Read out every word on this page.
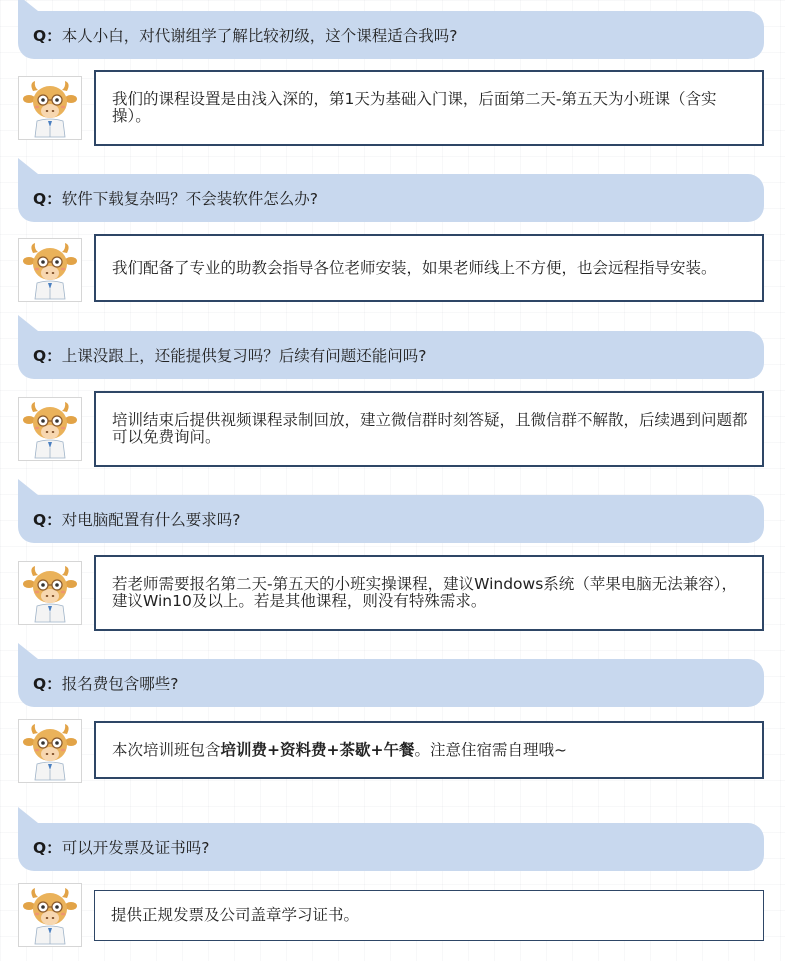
Q： 本人小白，对代谢组学了解比较初级，这个课程适合我吗?
我们的课程设置是由浅入深的，第1天为基础入门课，后面第二天-第五天为小班课（含实操）。
Q： 软件下载复杂吗？不会装软件怎么办?
我们配备了专业的助教会指导各位老师安装，如果老师线上不方便，也会远程指导安装。
Q： 上课没跟上，还能提供复习吗？后续有问题还能问吗?
培训结束后提供视频课程录制回放，建立微信群时刻答疑，且微信群不解散，后续遇到问题都可以免费询问。
Q： 对电脑配置有什么要求吗?
若老师需要报名第二天-第五天的小班实操课程，建议Windows系统（苹果电脑无法兼容），建议Win10及以上。若是其他课程，则没有特殊需求。
Q： 报名费包含哪些?
本次培训班包含培训费+资料费+茶歇+午餐。注意住宿需自理哦~
Q： 可以开发票及证书吗?
提供正规发票及公司盖章学习证书。
